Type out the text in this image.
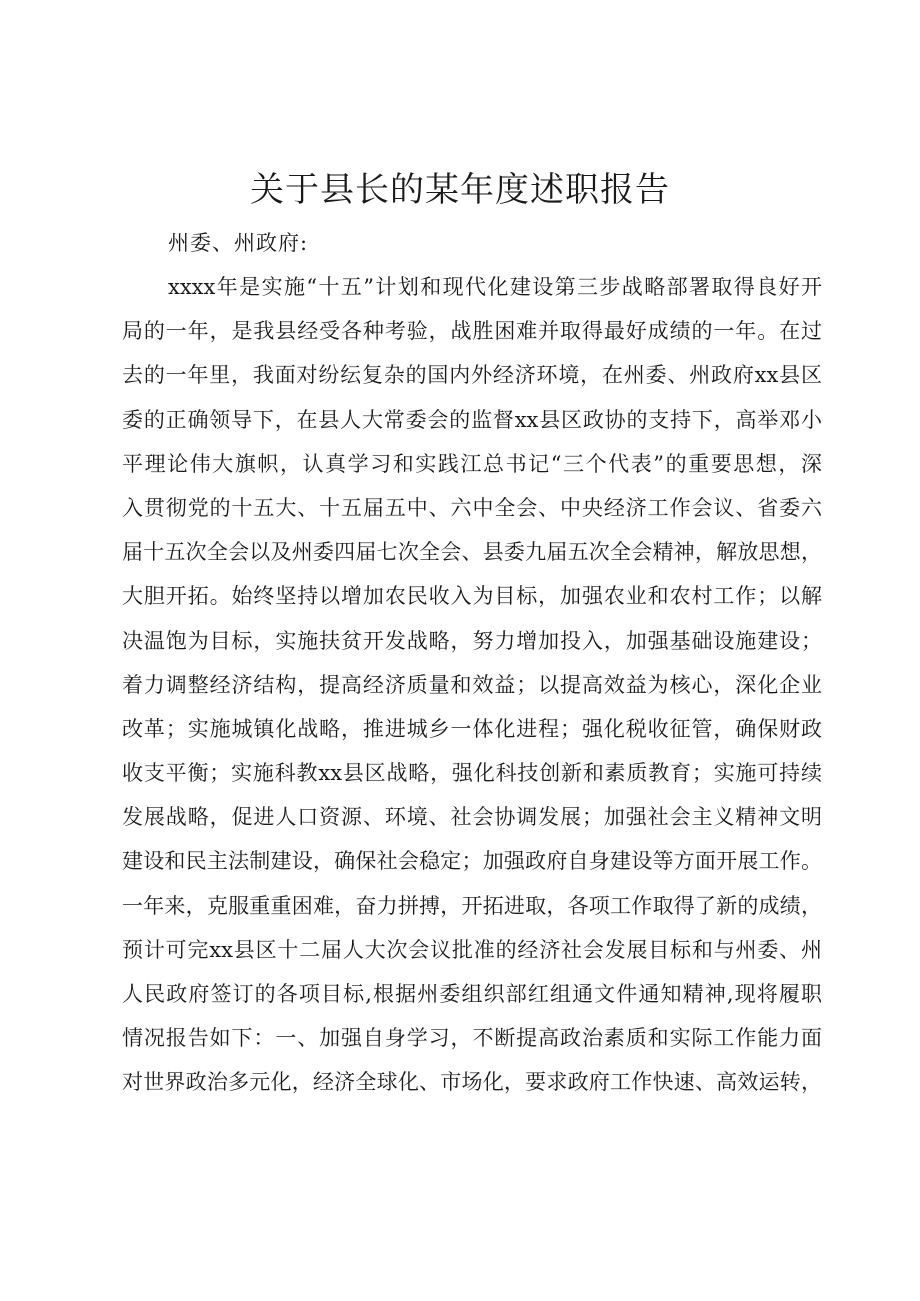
关于县长的某年度述职报告

州委、州政府:

xxxx年是实施“十五”计划和现代化建设第三步战略部署取得良好开
局的一年，是我县经受各种考验，战胜困难并取得最好成绩的一年。在过
去的一年里，我面对纷纭复杂的国内外经济环境，在州委、州政府xx县区
委的正确领导下，在县人大常委会的监督xx县区政协的支持下，高举邓小
平理论伟大旗帜，认真学习和实践江总书记“三个代表”的重要思想，深
入贯彻党的十五大、十五届五中、六中全会、中央经济工作会议、省委六
届十五次全会以及州委四届七次全会、县委九届五次全会精神，解放思想，
大胆开拓。始终坚持以增加农民收入为目标，加强农业和农村工作；以解
决温饱为目标，实施扶贫开发战略，努力增加投入，加强基础设施建设；
着力调整经济结构，提高经济质量和效益；以提高效益为核心，深化企业
改革；实施城镇化战略，推进城乡一体化进程；强化税收征管，确保财政
收支平衡；实施科教xx县区战略，强化科技创新和素质教育；实施可持续
发展战略，促进人口资源、环境、社会协调发展；加强社会主义精神文明
建设和民主法制建设，确保社会稳定；加强政府自身建设等方面开展工作。
一年来，克服重重困难，奋力拼搏，开拓进取，各项工作取得了新的成绩，
预计可完xx县区十二届人大次会议批准的经济社会发展目标和与州委、州
人民政府签订的各项目标,根据州委组织部红组通文件通知精神,现将履职
情况报告如下：一、加强自身学习，不断提高政治素质和实际工作能力面
对世界政治多元化，经济全球化、市场化，要求政府工作快速、高效运转，
